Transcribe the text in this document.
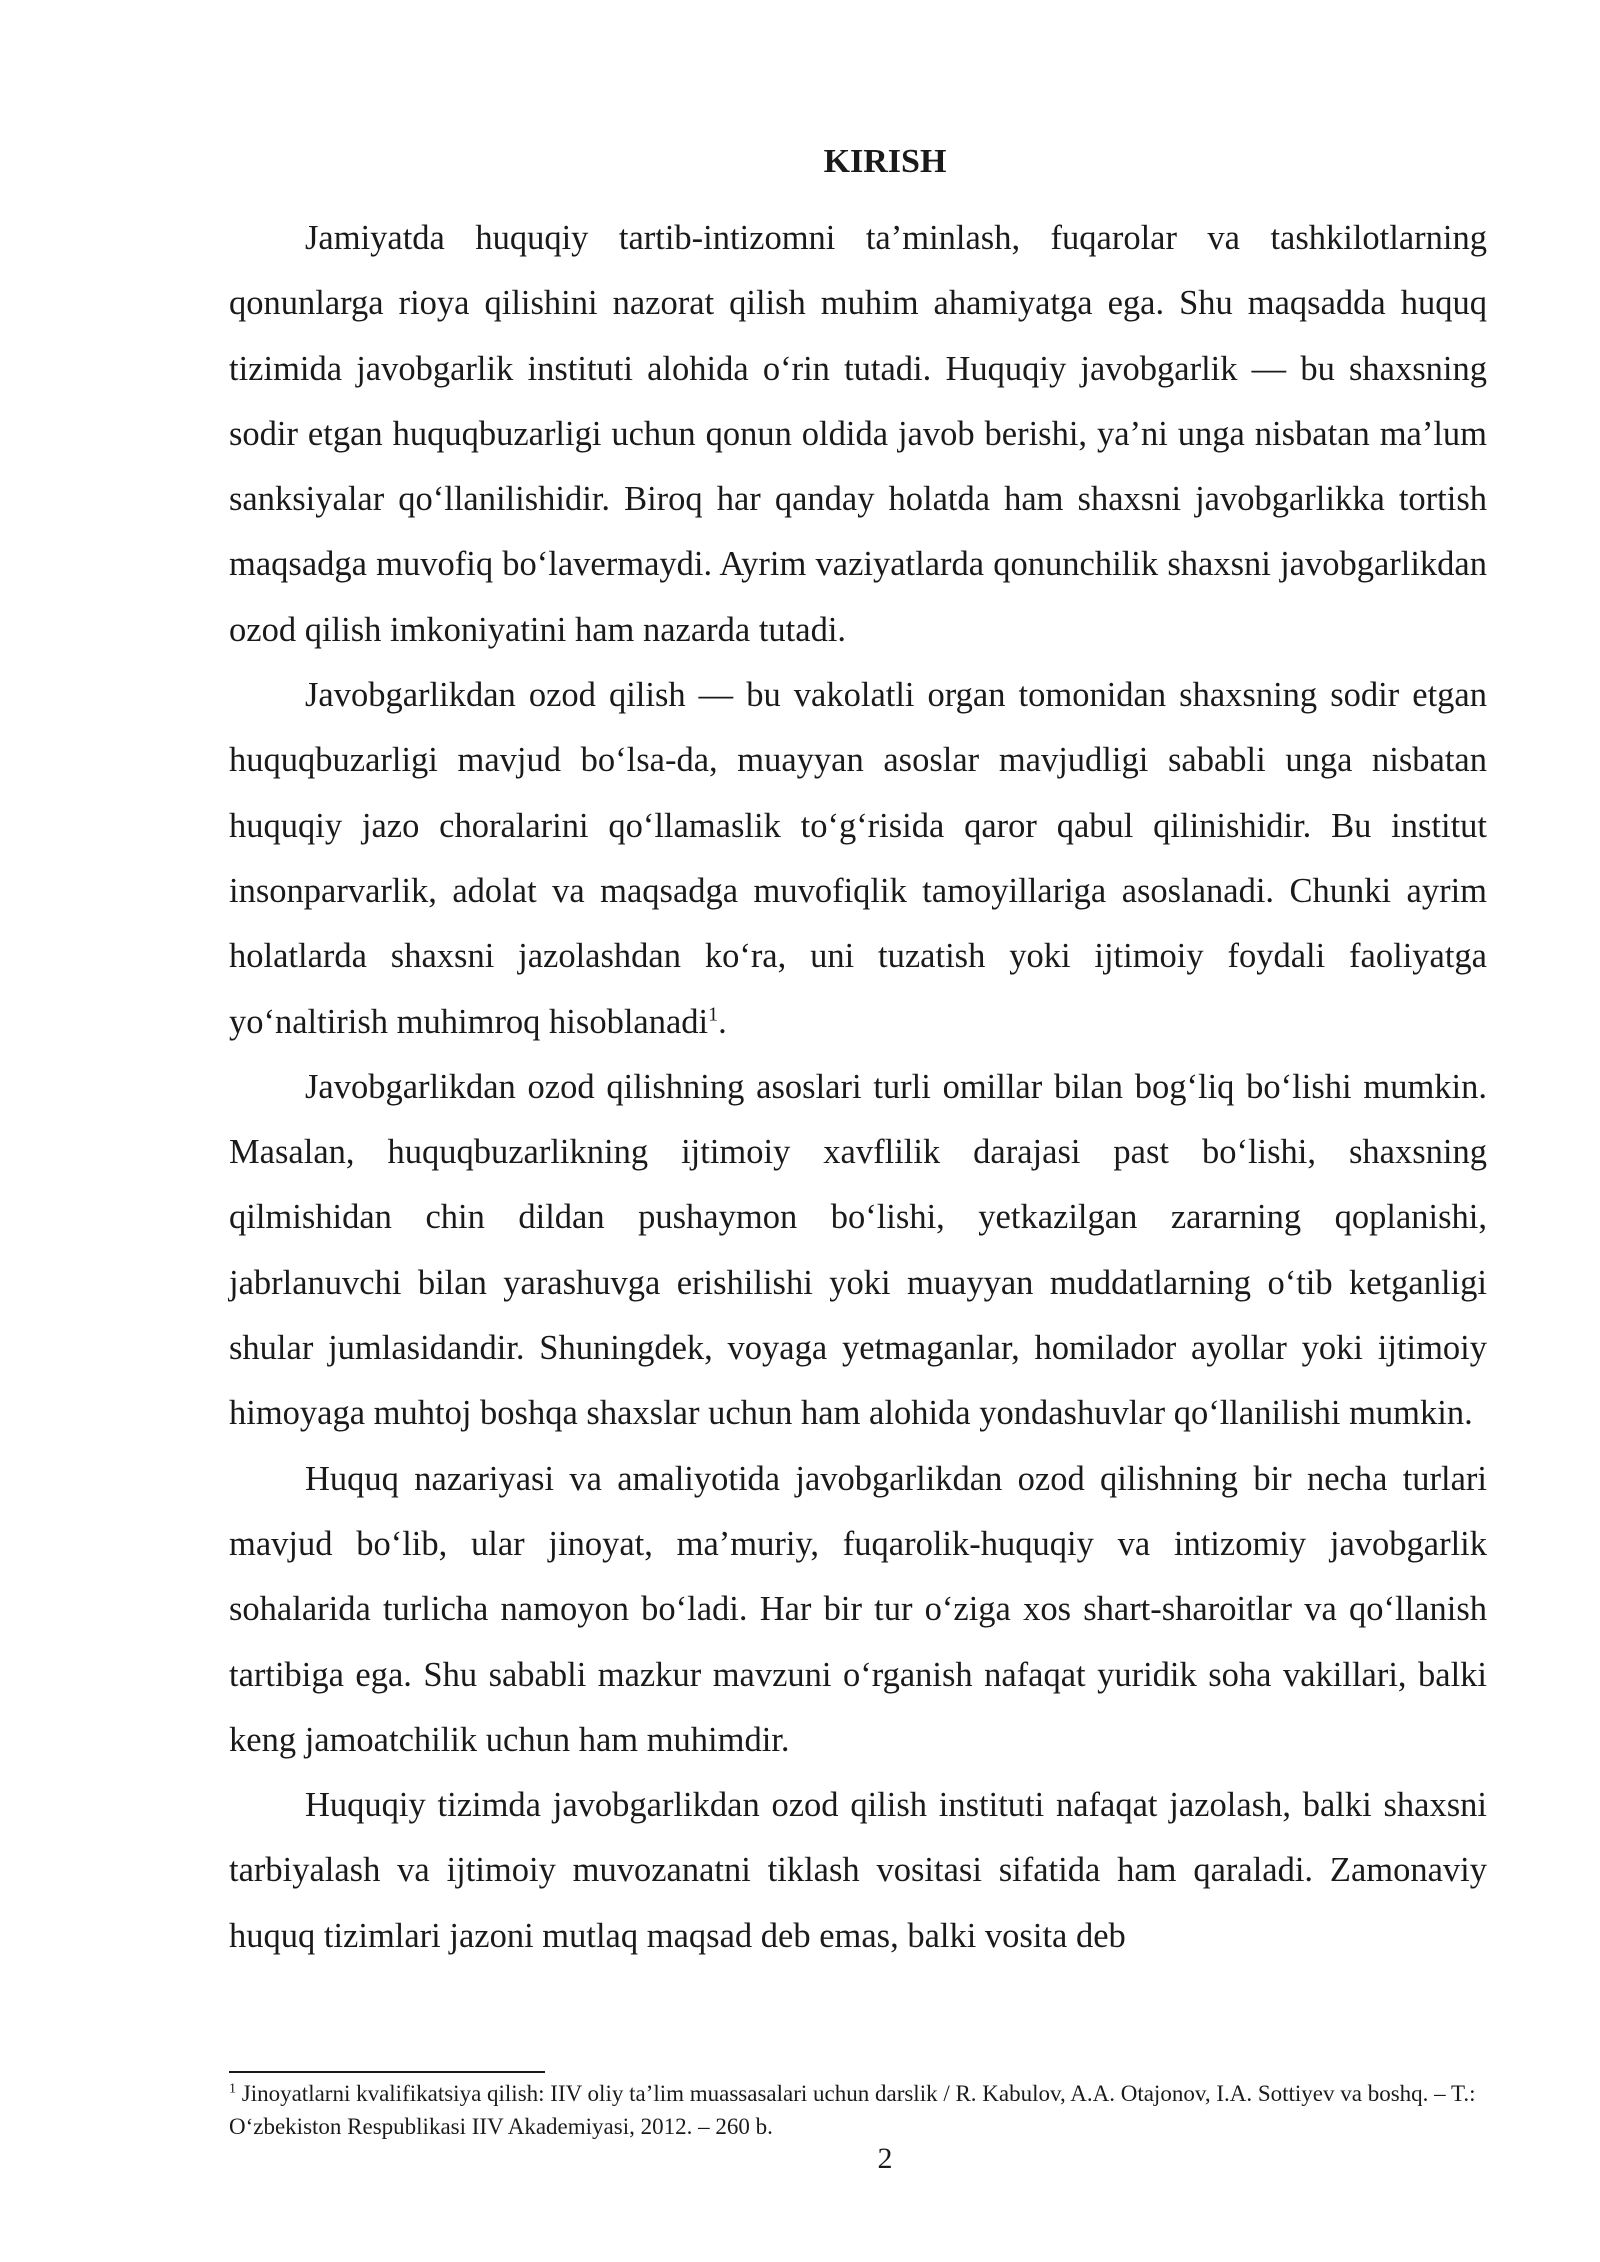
KIRISH

Jamiyatda huquqiy tartib-intizomni ta’minlash, fuqarolar va tashkilotlarning qonunlarga rioya qilishini nazorat qilish muhim ahamiyatga ega. Shu maqsadda huquq tizimida javobgarlik instituti alohida o‘rin tutadi. Huquqiy javobgarlik — bu shaxsning sodir etgan huquqbuzarligi uchun qonun oldida javob berishi, ya’ni unga nisbatan ma’lum sanksiyalar qo‘llanilishidir. Biroq har qanday holatda ham shaxsni javobgarlikka tortish maqsadga muvofiq bo‘lavermaydi. Ayrim vaziyatlarda qonunchilik shaxsni javobgarlikdan ozod qilish imkoniyatini ham nazarda tutadi.

Javobgarlikdan ozod qilish — bu vakolatli organ tomonidan shaxsning sodir etgan huquqbuzarligi mavjud bo‘lsa-da, muayyan asoslar mavjudligi sababli unga nisbatan huquqiy jazo choralarini qo‘llamaslik to‘g‘risida qaror qabul qilinishidir. Bu institut insonparvarlik, adolat va maqsadga muvofiqlik tamoyillariga asoslanadi. Chunki ayrim holatlarda shaxsni jazolashdan ko‘ra, uni tuzatish yoki ijtimoiy foydali faoliyatga yo‘naltirish muhimroq hisoblanadi$^1$.

Javobgarlikdan ozod qilishning asoslari turli omillar bilan bog‘liq bo‘lishi mumkin. Masalan, huquqbuzarlikning ijtimoiy xavflilik darajasi past bo‘lishi, shaxsning qilmishidan chin dildan pushaymon bo‘lishi, yetkazilgan zararning qoplanishi, jabrlanuvchi bilan yarashuvga erishilishi yoki muayyan muddatlarning o‘tib ketganligi shular jumlasidandir. Shuningdek, voyaga yetmaganlar, homilador ayollar yoki ijtimoiy himoyaga muhtoj boshqa shaxslar uchun ham alohida yondashuvlar qo‘llanilishi mumkin.

Huquq nazariyasi va amaliyotida javobgarlikdan ozod qilishning bir necha turlari mavjud bo‘lib, ular jinoyat, ma’muriy, fuqarolik-huquqiy va intizomiy javobgarlik sohalarida turlicha namoyon bo‘ladi. Har bir tur o‘ziga xos shart-sharoitlar va qo‘llanish tartibiga ega. Shu sababli mazkur mavzuni o‘rganish nafaqat yuridik soha vakillari, balki keng jamoatchilik uchun ham muhimdir.

Huquqiy tizimda javobgarlikdan ozod qilish instituti nafaqat jazolash, balki shaxsni tarbiyalash va ijtimoiy muvozanatni tiklash vositasi sifatida ham qaraladi. Zamonaviy huquq tizimlari jazoni mutlaq maqsad deb emas, balki vosita deb

$^1$ Jinoyatlarni kvalifikatsiya qilish: IIV oliy ta’lim muassasalari uchun darslik / R. Kabulov, A.A. Otajonov, I.A. Sottiyev va boshq. – T.: O‘zbekiston Respublikasi IIV Akademiyasi, 2012. – 260 b.

2
